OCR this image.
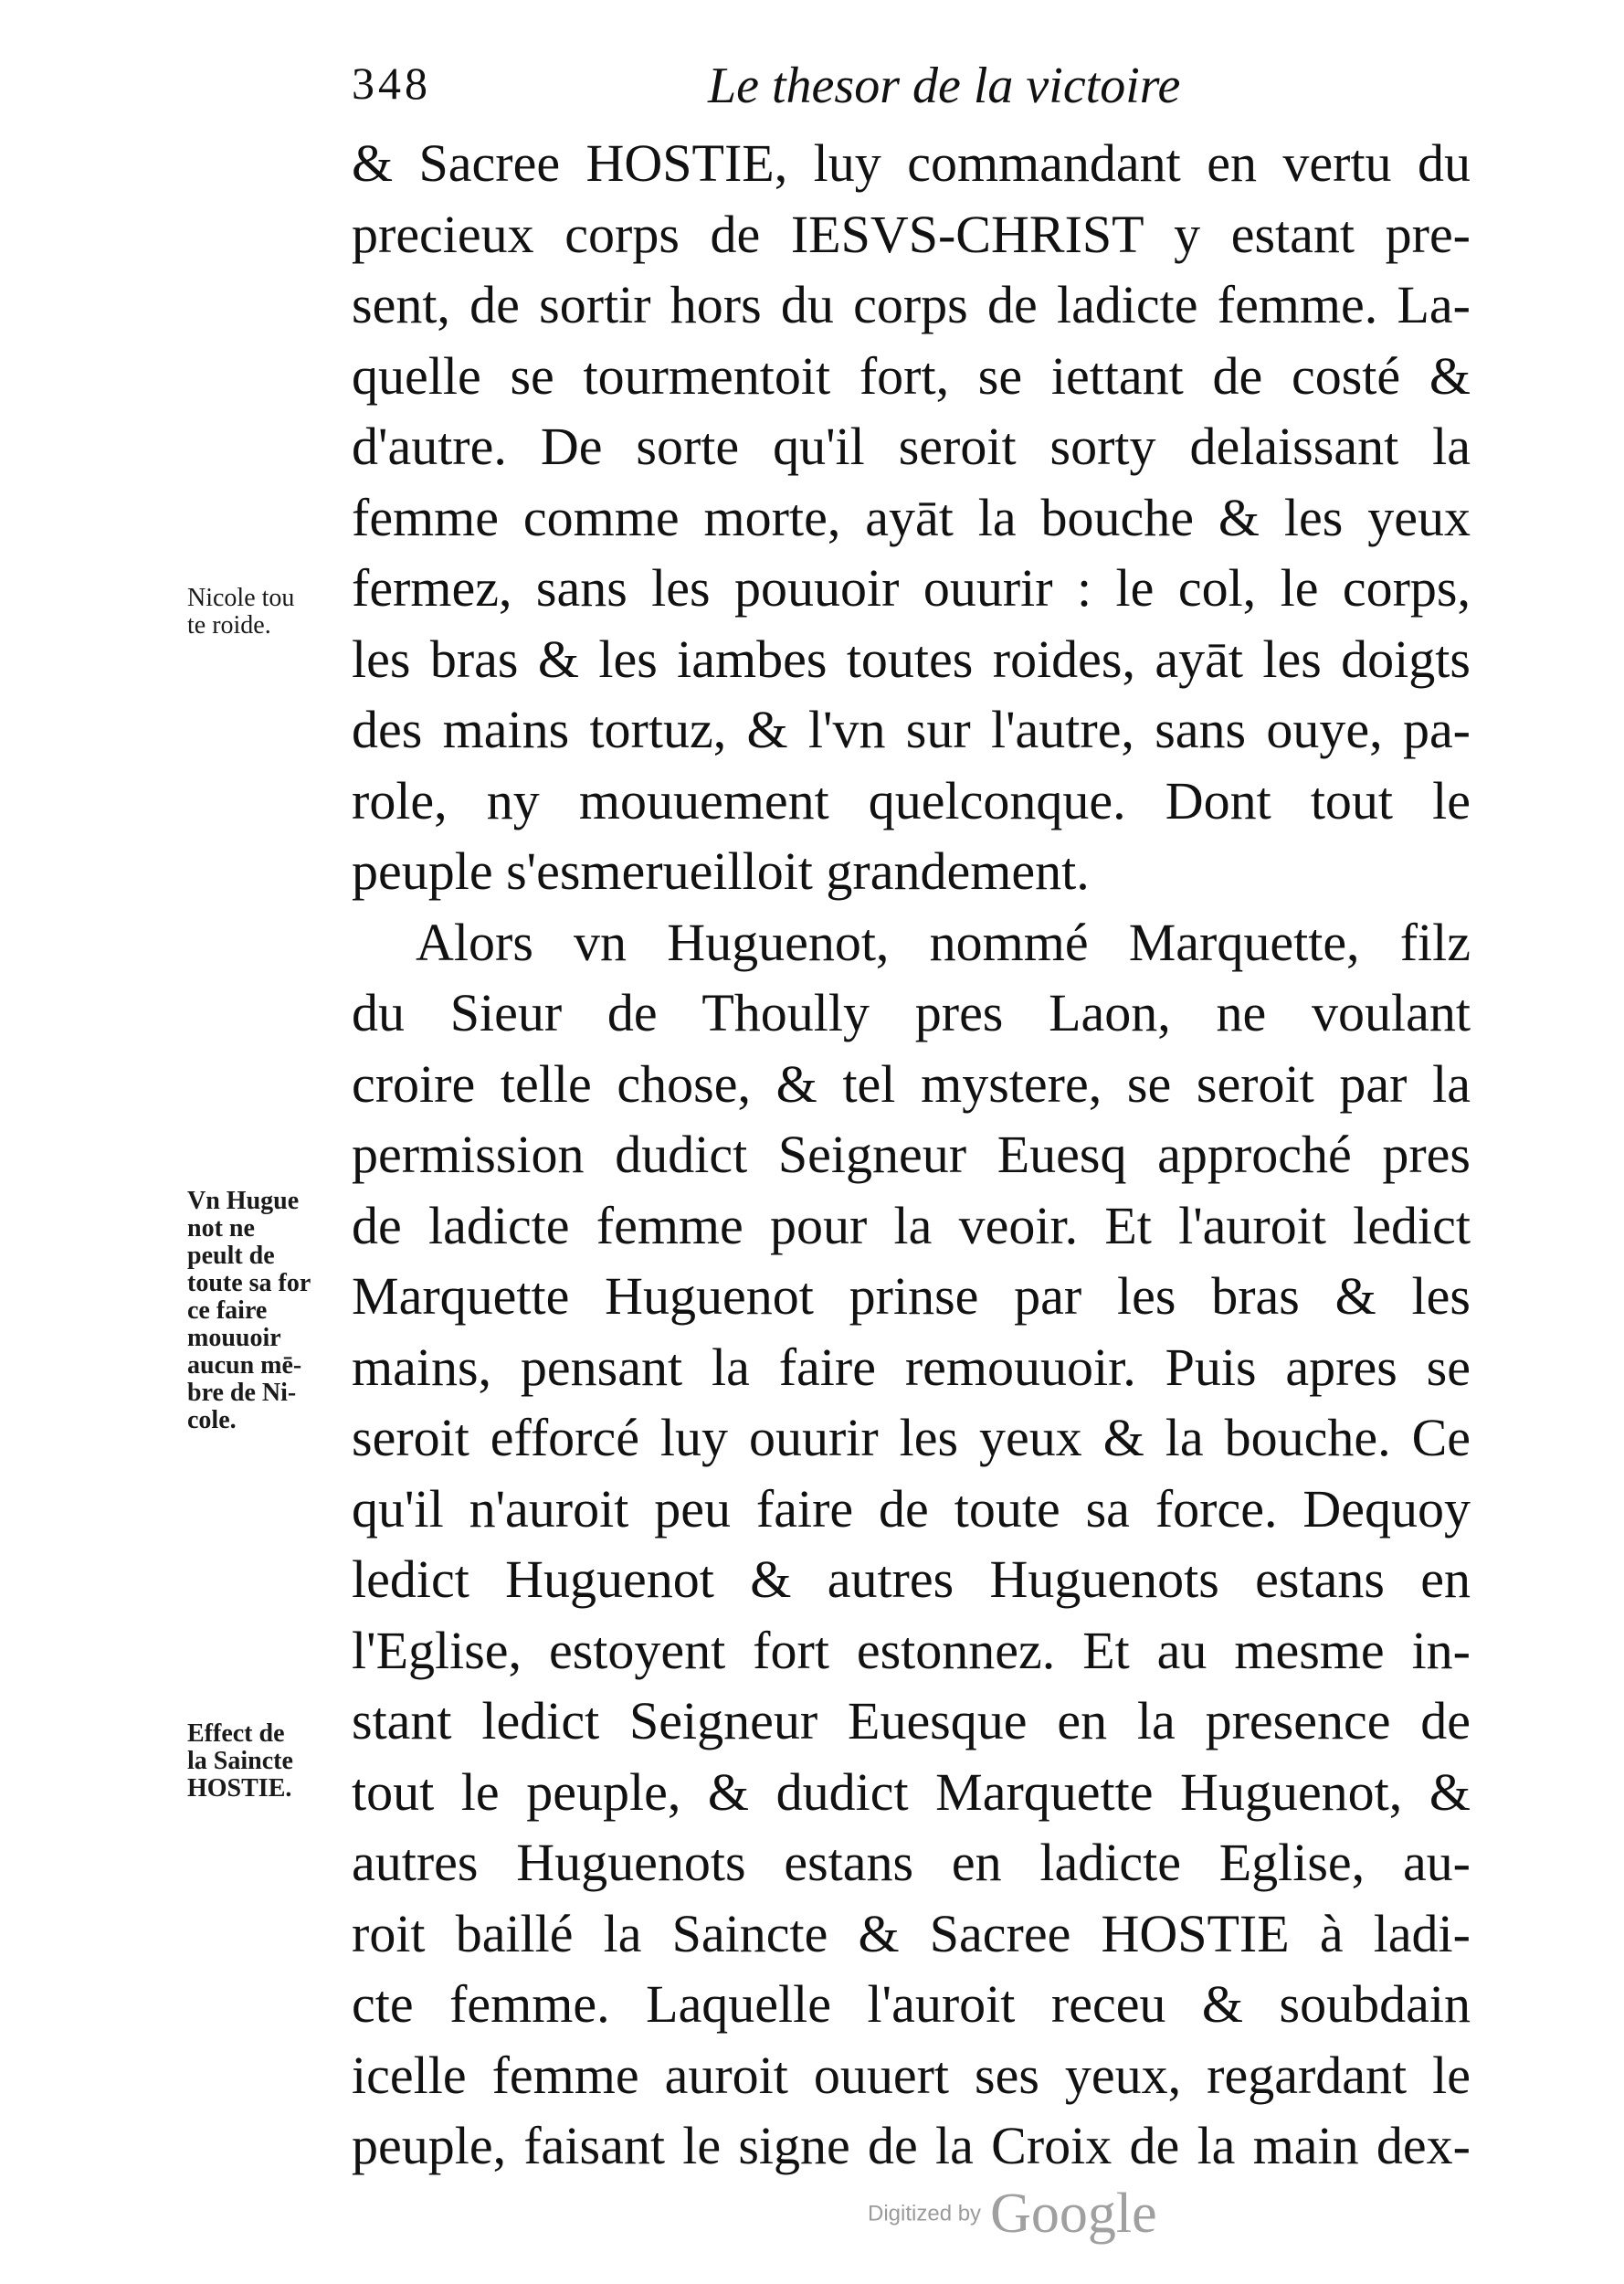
348	Le thesor de la victoire
& Sacree HOSTIE, luy commandant en vertu du
precieux corps de IESVS-CHRIST y estant pre-
sent, de sortir hors du corps de ladicte femme. La-
quelle se tourmentoit fort, se iettant de costé &
d'autre. De sorte qu'il seroit sorty delaissant la
femme comme morte, ayāt la bouche & les yeux
fermez, sans les pouuoir ouurir : le col, le corps,
les bras & les iambes toutes roides, ayāt les doigts
des mains tortuz, & l'vn sur l'autre, sans ouye, pa-
role, ny mouuement quelconque. Dont tout le
peuple s'esmerueilloit grandement.
Alors vn Huguenot, nommé Marquette, filz
du Sieur de Thoully pres Laon, ne voulant
croire telle chose, & tel mystere, se seroit par la
permission dudict Seigneur Euesq approché pres
de ladicte femme pour la veoir. Et l'auroit ledict
Marquette Huguenot prinse par les bras & les
mains, pensant la faire remouuoir. Puis apres se
seroit efforcé luy ouurir les yeux & la bouche. Ce
qu'il n'auroit peu faire de toute sa force. Dequoy
ledict Huguenot & autres Huguenots estans en
l'Eglise, estoyent fort estonnez. Et au mesme in-
stant ledict Seigneur Euesque en la presence de
tout le peuple, & dudict Marquette Huguenot, &
autres Huguenots estans en ladicte Eglise, au-
roit baillé la Saincte & Sacree HOSTIE à ladi-
cte femme. Laquelle l'auroit receu & soubdain
icelle femme auroit ouuert ses yeux, regardant le
peuple, faisant le signe de la Croix de la main dex-
Nicole tou
te roide.
Vn Hugue
not ne
peult de
toute sa for
ce faire
mouuoir
aucun mē-
bre de Ni-
cole.
Effect de
la Saincte
HOSTIE.
Digitized by Google
